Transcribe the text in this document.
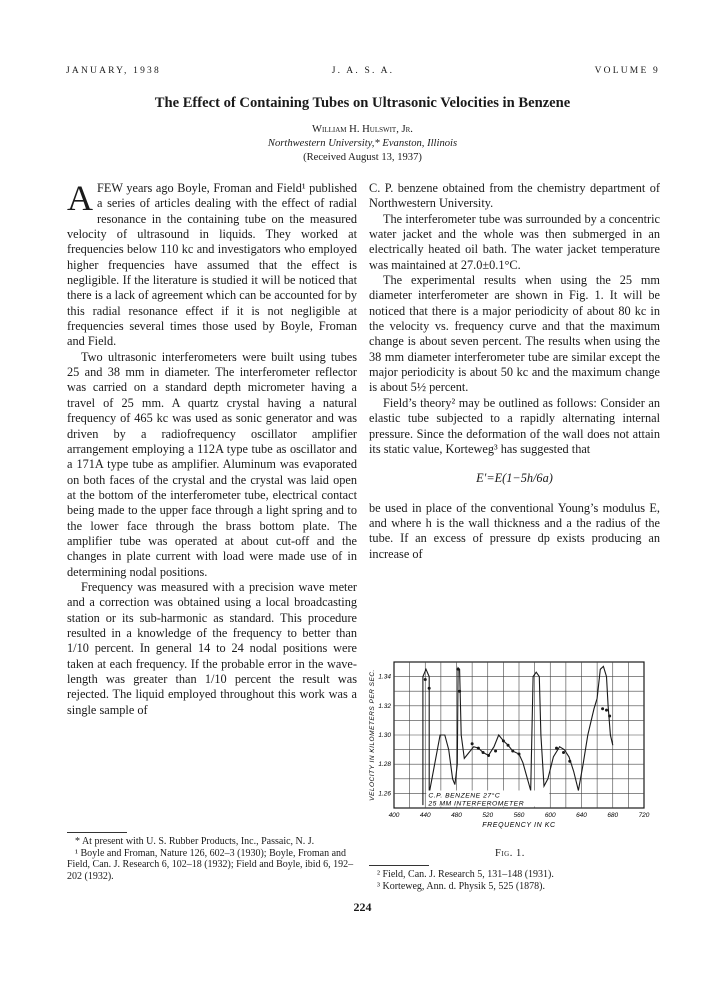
JANUARY, 1938	J. A. S. A.	VOLUME 9
The Effect of Containing Tubes on Ultrasonic Velocities in Benzene
William H. Hulswit, Jr.
Northwestern University,* Evanston, Illinois
(Received August 13, 1937)

AFEW years ago Boyle, Froman and Field¹ published a series of articles dealing with the effect of radial resonance in the containing tube on the measured velocity of ultrasound in liquids. They worked at frequencies below 110 kc and investigators who employed higher frequencies have assumed that the effect is negligible. If the literature is studied it will be noticed that there is a lack of agreement which can be accounted for by this radial resonance effect if it is not negligible at frequencies several times those used by Boyle, Froman and Field.

Two ultrasonic interferometers were built using tubes 25 and 38 mm in diameter. The interferometer reflector was carried on a standard depth micrometer having a travel of 25 mm. A quartz crystal having a natural frequency of 465 kc was used as sonic generator and was driven by a radiofrequency oscillator amplifier arrangement employing a 112A type tube as oscillator and a 171A type tube as amplifier. Aluminum was evaporated on both faces of the crystal and the crystal was laid open at the bottom of the interferometer tube, electrical contact being made to the upper face through a light spring and to the lower face through the brass bottom plate. The amplifier tube was operated at about cut-off and the changes in plate current with load were made use of in determining nodal positions.

Frequency was measured with a precision wave meter and a correction was obtained using a local broadcasting station or its sub-harmonic as standard. This procedure resulted in a knowledge of the frequency to better than 1/10 percent. In general 14 to 24 nodal positions were taken at each frequency. If the probable error in the wave-length was greater than 1/10 percent the result was rejected. The liquid employed throughout this work was a single sample of

C. P. benzene obtained from the chemistry department of Northwestern University.

The interferometer tube was surrounded by a concentric water jacket and the whole was then submerged in an electrically heated oil bath. The water jacket temperature was maintained at 27.0±0.1°C.

The experimental results when using the 25 mm diameter interferometer are shown in Fig. 1. It will be noticed that there is a major periodicity of about 80 kc in the velocity vs. frequency curve and that the maximum change is about seven percent. The results when using the 38 mm diameter interferometer tube are similar except the major periodicity is about 50 kc and the maximum change is about 5½ percent.

Field’s theory² may be outlined as follows: Consider an elastic tube subjected to a rapidly alternating internal pressure. Since the deformation of the wall does not attain its static value, Korteweg³ has suggested that

E′=E(1−5h/6a)

be used in place of the conventional Young’s modulus E, and where h is the wall thickness and a the radius of the tube. If an excess of pressure dp exists producing an increase of

400	440	480	520	560	600	640	680	720
1.26
1.28
1.30
1.32
1.34
FREQUENCY IN KC
VELOCITY IN KILOMETERS PER SEC.	C.P. BENZENE 27°C
25 MM INTERFEROMETER
Fig. 1.

* At present with U. S. Rubber Products, Inc., Passaic, N. J.

¹ Boyle and Froman, Nature 126, 602–3 (1930); Boyle, Froman and Field, Can. J. Research 6, 102–18 (1932); Field and Boyle, ibid 6, 192–202 (1932).	² Field, Can. J. Research 5, 131–148 (1931).

³ Korteweg, Ann. d. Physik 5, 525 (1878).

224
